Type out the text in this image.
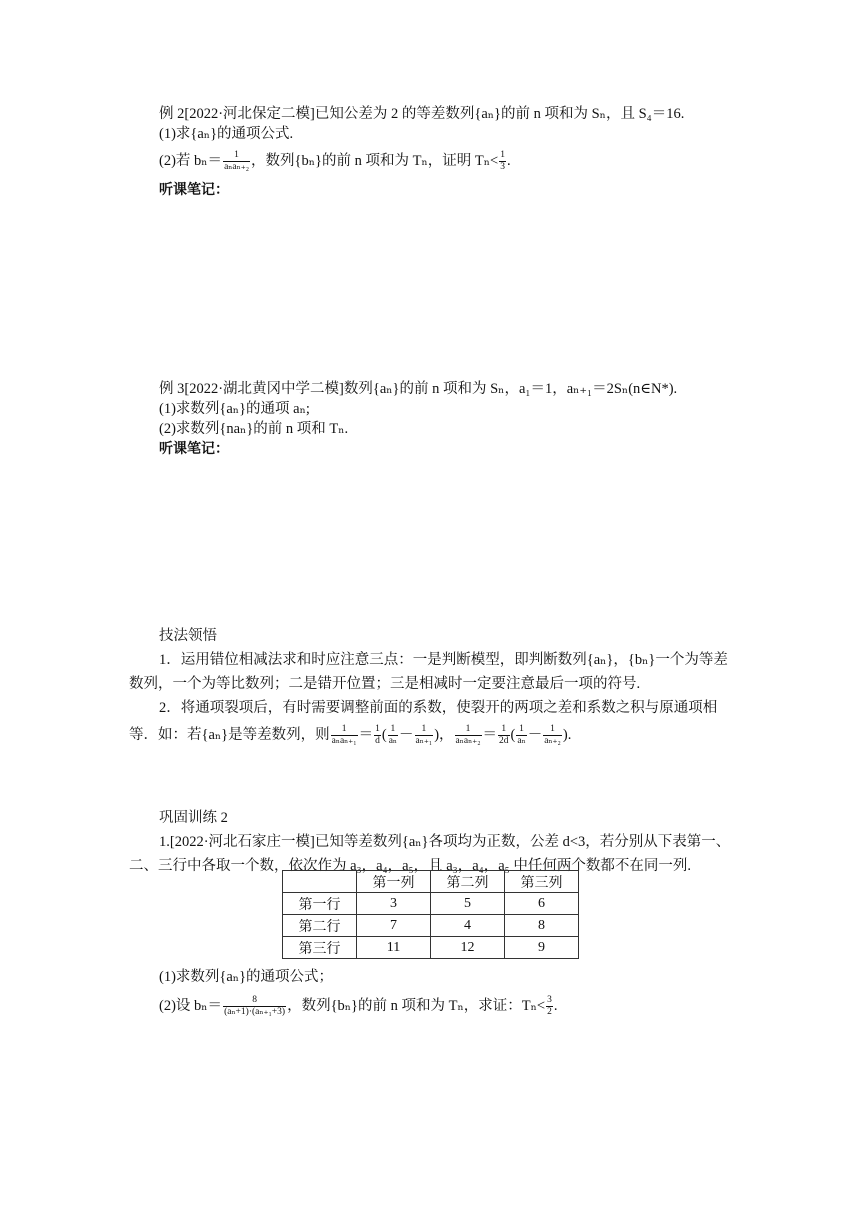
例 2[2022·河北保定二模]已知公差为 2 的等差数列{aₙ}的前 n 项和为 Sₙ，且 S₄＝16.
(1)求{aₙ}的通项公式.
(2)若 $b_n= \frac{1}{\text{aₙaₙ₊₂}}$ ，数列{bₙ}的前 n 项和为 Tₙ，证明 $T_n< \frac{1}{3}$ .
听课笔记：
例 3[2022·湖北黄冈中学二模]数列{aₙ}的前 n 项和为 Sₙ，a₁＝1，aₙ₊₁＝2Sₙ(n∈N*).
(1)求数列{aₙ}的通项 aₙ;
(2)求数列{naₙ}的前 n 项和 Tₙ.
听课笔记：
技法领悟
1．运用错位相减法求和时应注意三点：一是判断模型，即判断数列{aₙ}，{bₙ}一个为等差数列，一个为等比数列；二是错开位置；三是相减时一定要注意最后一项的符号.
2．将通项裂项后，有时需要调整前面的系数，使裂开的两项之差和系数之积与原通项相
等．如：若{aₙ}是等差数列，则 $\frac{1}{\text{aₙaₙ₊₁}} = \frac{1}{d}$ ( $\frac{1}{\text{aₙ}} - \frac{1}{\text{aₙ₊₁}}$ )， $\frac{1}{\text{aₙaₙ₊₂}} = \frac{1}{2d}$ ( $\frac{1}{\text{aₙ}} - \frac{1}{\text{aₙ₊₂}}$ ).
巩固训练 2
1.[2022·河北石家庄一模]已知等差数列{aₙ}各项均为正数，公差 d<3，若分别从下表第一、二、三行中各取一个数，依次作为 a₃，a₄，a₅，且 a₃，a₄，a₅ 中任何两个数都不在同一列.
	第一列	第二列	第三列
第一行	3	5	6
第二行	7	4	8
第三行	11	12	9
(1)求数列{aₙ}的通项公式；
(2)设 $b_n= \frac{8}{\text{(aₙ+1)·(aₙ₊₁+3)}}$ ，数列{bₙ}的前 n 项和为 Tₙ，求证：$T_n< \frac{3}{2}$ .
